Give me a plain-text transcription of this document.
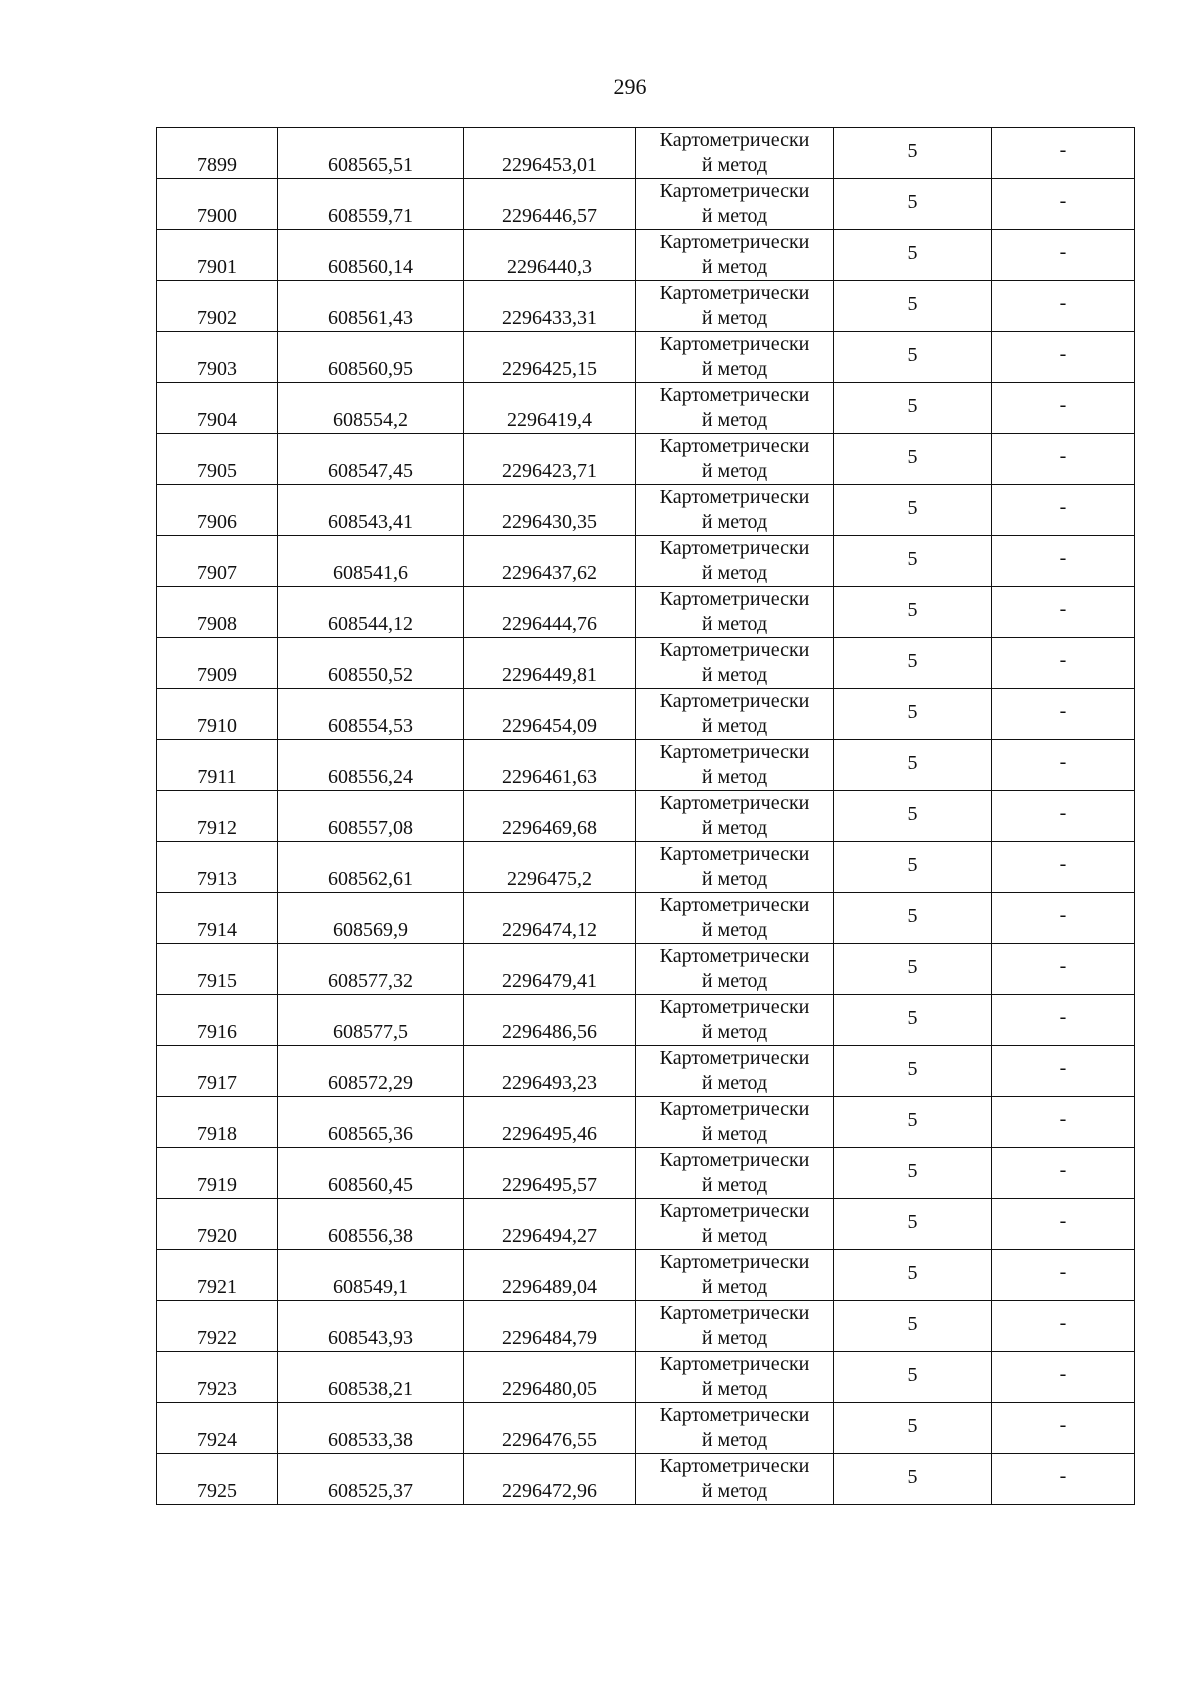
296
7899	608565,51	2296453,01	Картометрически
й метод	5	-
7900	608559,71	2296446,57	Картометрически
й метод	5	-
7901	608560,14	2296440,3	Картометрически
й метод	5	-
7902	608561,43	2296433,31	Картометрически
й метод	5	-
7903	608560,95	2296425,15	Картометрически
й метод	5	-
7904	608554,2	2296419,4	Картометрически
й метод	5	-
7905	608547,45	2296423,71	Картометрически
й метод	5	-
7906	608543,41	2296430,35	Картометрически
й метод	5	-
7907	608541,6	2296437,62	Картометрически
й метод	5	-
7908	608544,12	2296444,76	Картометрически
й метод	5	-
7909	608550,52	2296449,81	Картометрически
й метод	5	-
7910	608554,53	2296454,09	Картометрически
й метод	5	-
7911	608556,24	2296461,63	Картометрически
й метод	5	-
7912	608557,08	2296469,68	Картометрически
й метод	5	-
7913	608562,61	2296475,2	Картометрически
й метод	5	-
7914	608569,9	2296474,12	Картометрически
й метод	5	-
7915	608577,32	2296479,41	Картометрически
й метод	5	-
7916	608577,5	2296486,56	Картометрически
й метод	5	-
7917	608572,29	2296493,23	Картометрически
й метод	5	-
7918	608565,36	2296495,46	Картометрически
й метод	5	-
7919	608560,45	2296495,57	Картометрически
й метод	5	-
7920	608556,38	2296494,27	Картометрически
й метод	5	-
7921	608549,1	2296489,04	Картометрически
й метод	5	-
7922	608543,93	2296484,79	Картометрически
й метод	5	-
7923	608538,21	2296480,05	Картометрически
й метод	5	-
7924	608533,38	2296476,55	Картометрически
й метод	5	-
7925	608525,37	2296472,96	Картометрически
й метод	5	-
